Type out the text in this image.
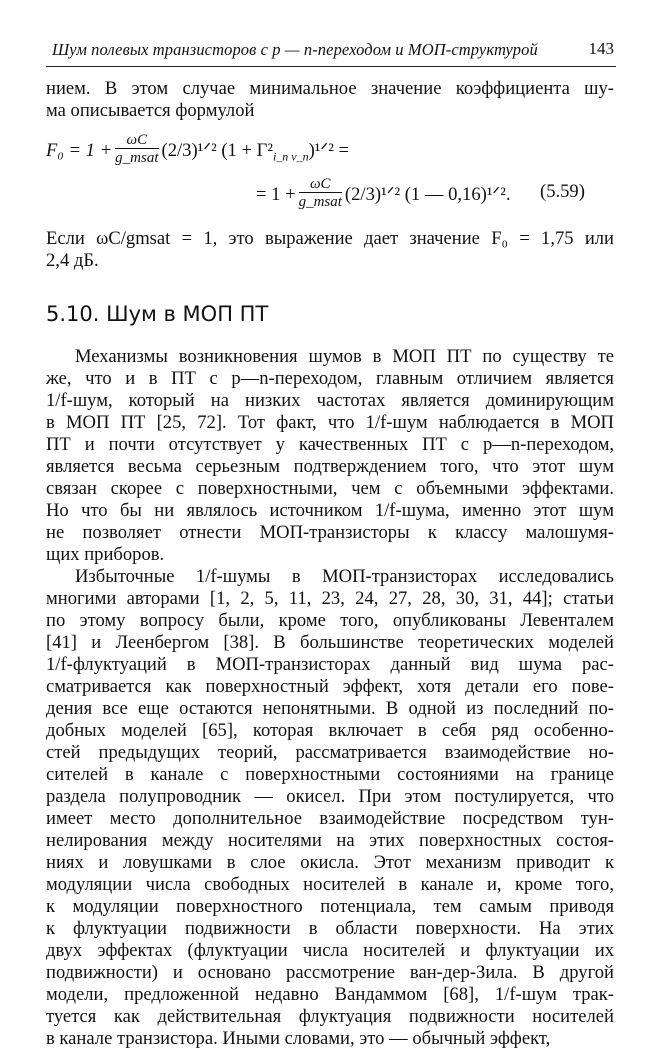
Шум полевых транзисторов с p — n-переходом и МОП-структурой	143
нием. В этом случае минимальное значение коэффициента шу-
ма описывается формулой
$F_0 = 1 + \frac{\omega C}{\text{g\_msat}}$ (2/3)¹ᐟ² $(1 + \Gamma^2_{i\_n v\_n})^1ᐟ^2$ =
= $1 + \frac{\omega C}{\text{g\_msat}}$ (2/3)¹ᐟ² (1 — 0,16)¹ᐟ². (5.59)
Если ωC/gmsat = 1, это выражение дает значение F₀ = 1,75 или
2,4 дБ.
5.10. Шум в МОП ПТ
Механизмы возникновения шумов в МОП ПТ по существу те
же, что и в ПТ с p—n-переходом, главным отличием является
1/f-шум, который на низких частотах является доминирующим
в МОП ПТ [25, 72]. Тот факт, что 1/f-шум наблюдается в МОП
ПТ и почти отсутствует у качественных ПТ с p—n-переходом,
является весьма серьезным подтверждением того, что этот шум
связан скорее с поверхностными, чем с объемными эффектами.
Но что бы ни являлось источником 1/f-шума, именно этот шум
не позволяет отнести МОП-транзисторы к классу малошумя-
щих приборов.
Избыточные 1/f-шумы в МОП-транзисторах исследовались
многими авторами [1, 2, 5, 11, 23, 24, 27, 28, 30, 31, 44]; статьи
по этому вопросу были, кроме того, опубликованы Левенталем
[41] и Леенбергом [38]. В большинстве теоретических моделей
1/f-флуктуаций в МОП-транзисторах данный вид шума рас-
сматривается как поверхностный эффект, хотя детали его пове-
дения все еще остаются непонятными. В одной из последний по-
добных моделей [65], которая включает в себя ряд особенно-
стей предыдущих теорий, рассматривается взаимодействие но-
сителей в канале с поверхностными состояниями на границе
раздела полупроводник — окисел. При этом постулируется, что
имеет место дополнительное взаимодействие посредством тун-
нелирования между носителями на этих поверхностных состоя-
ниях и ловушками в слое окисла. Этот механизм приводит к
модуляции числа свободных носителей в канале и, кроме того,
к модуляции поверхностного потенциала, тем самым приводя
к флуктуации подвижности в области поверхности. На этих
двух эффектах (флуктуации числа носителей и флуктуации их
подвижности) и основано рассмотрение ван-дер-Зила. В другой
модели, предложенной недавно Вандаммом [68], 1/f-шум трак-
туется как действительная флуктуация подвижности носителей
в канале транзистора. Иными словами, это — обычный эффект,
